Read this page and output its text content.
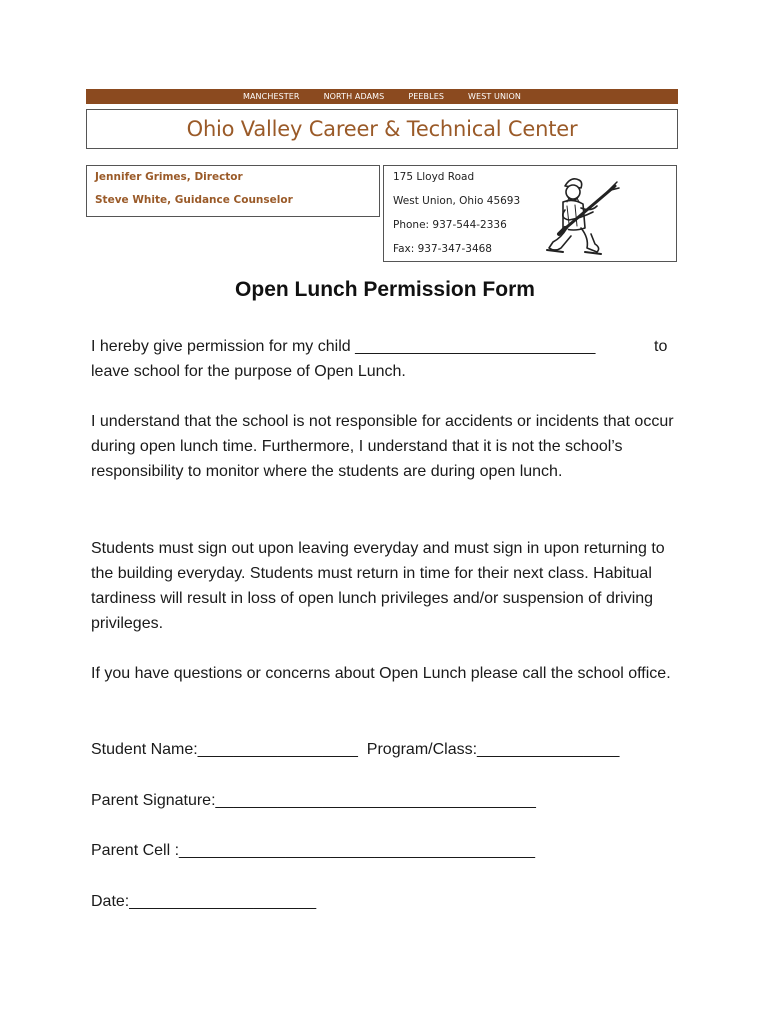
MANCHESTER	NORTH ADAMS	PEEBLES	WEST UNION
Ohio Valley Career & Technical Center
Jennifer Grimes, Director
Steve White, Guidance Counselor
175 Lloyd Road
West Union, Ohio 45693
Phone: 937-544-2336
Fax: 937-347-3468
Open Lunch Permission Form
I hereby give permission for my child ___________________________	to
leave school for the purpose of Open Lunch.
I understand that the school is not responsible for accidents or incidents that occur during open lunch time. Furthermore, I understand that it is not the school’s responsibility to monitor where the students are during open lunch.
Students must sign out upon leaving everyday and must sign in upon returning to the building everyday. Students must return in time for their next class. Habitual tardiness will result in loss of open lunch privileges and/or suspension of driving privileges.
If you have questions or concerns about Open Lunch please call the school office.
Student Name:__________________ Program/Class:________________
Parent Signature:____________________________________
Parent Cell :________________________________________
Date:_____________________
